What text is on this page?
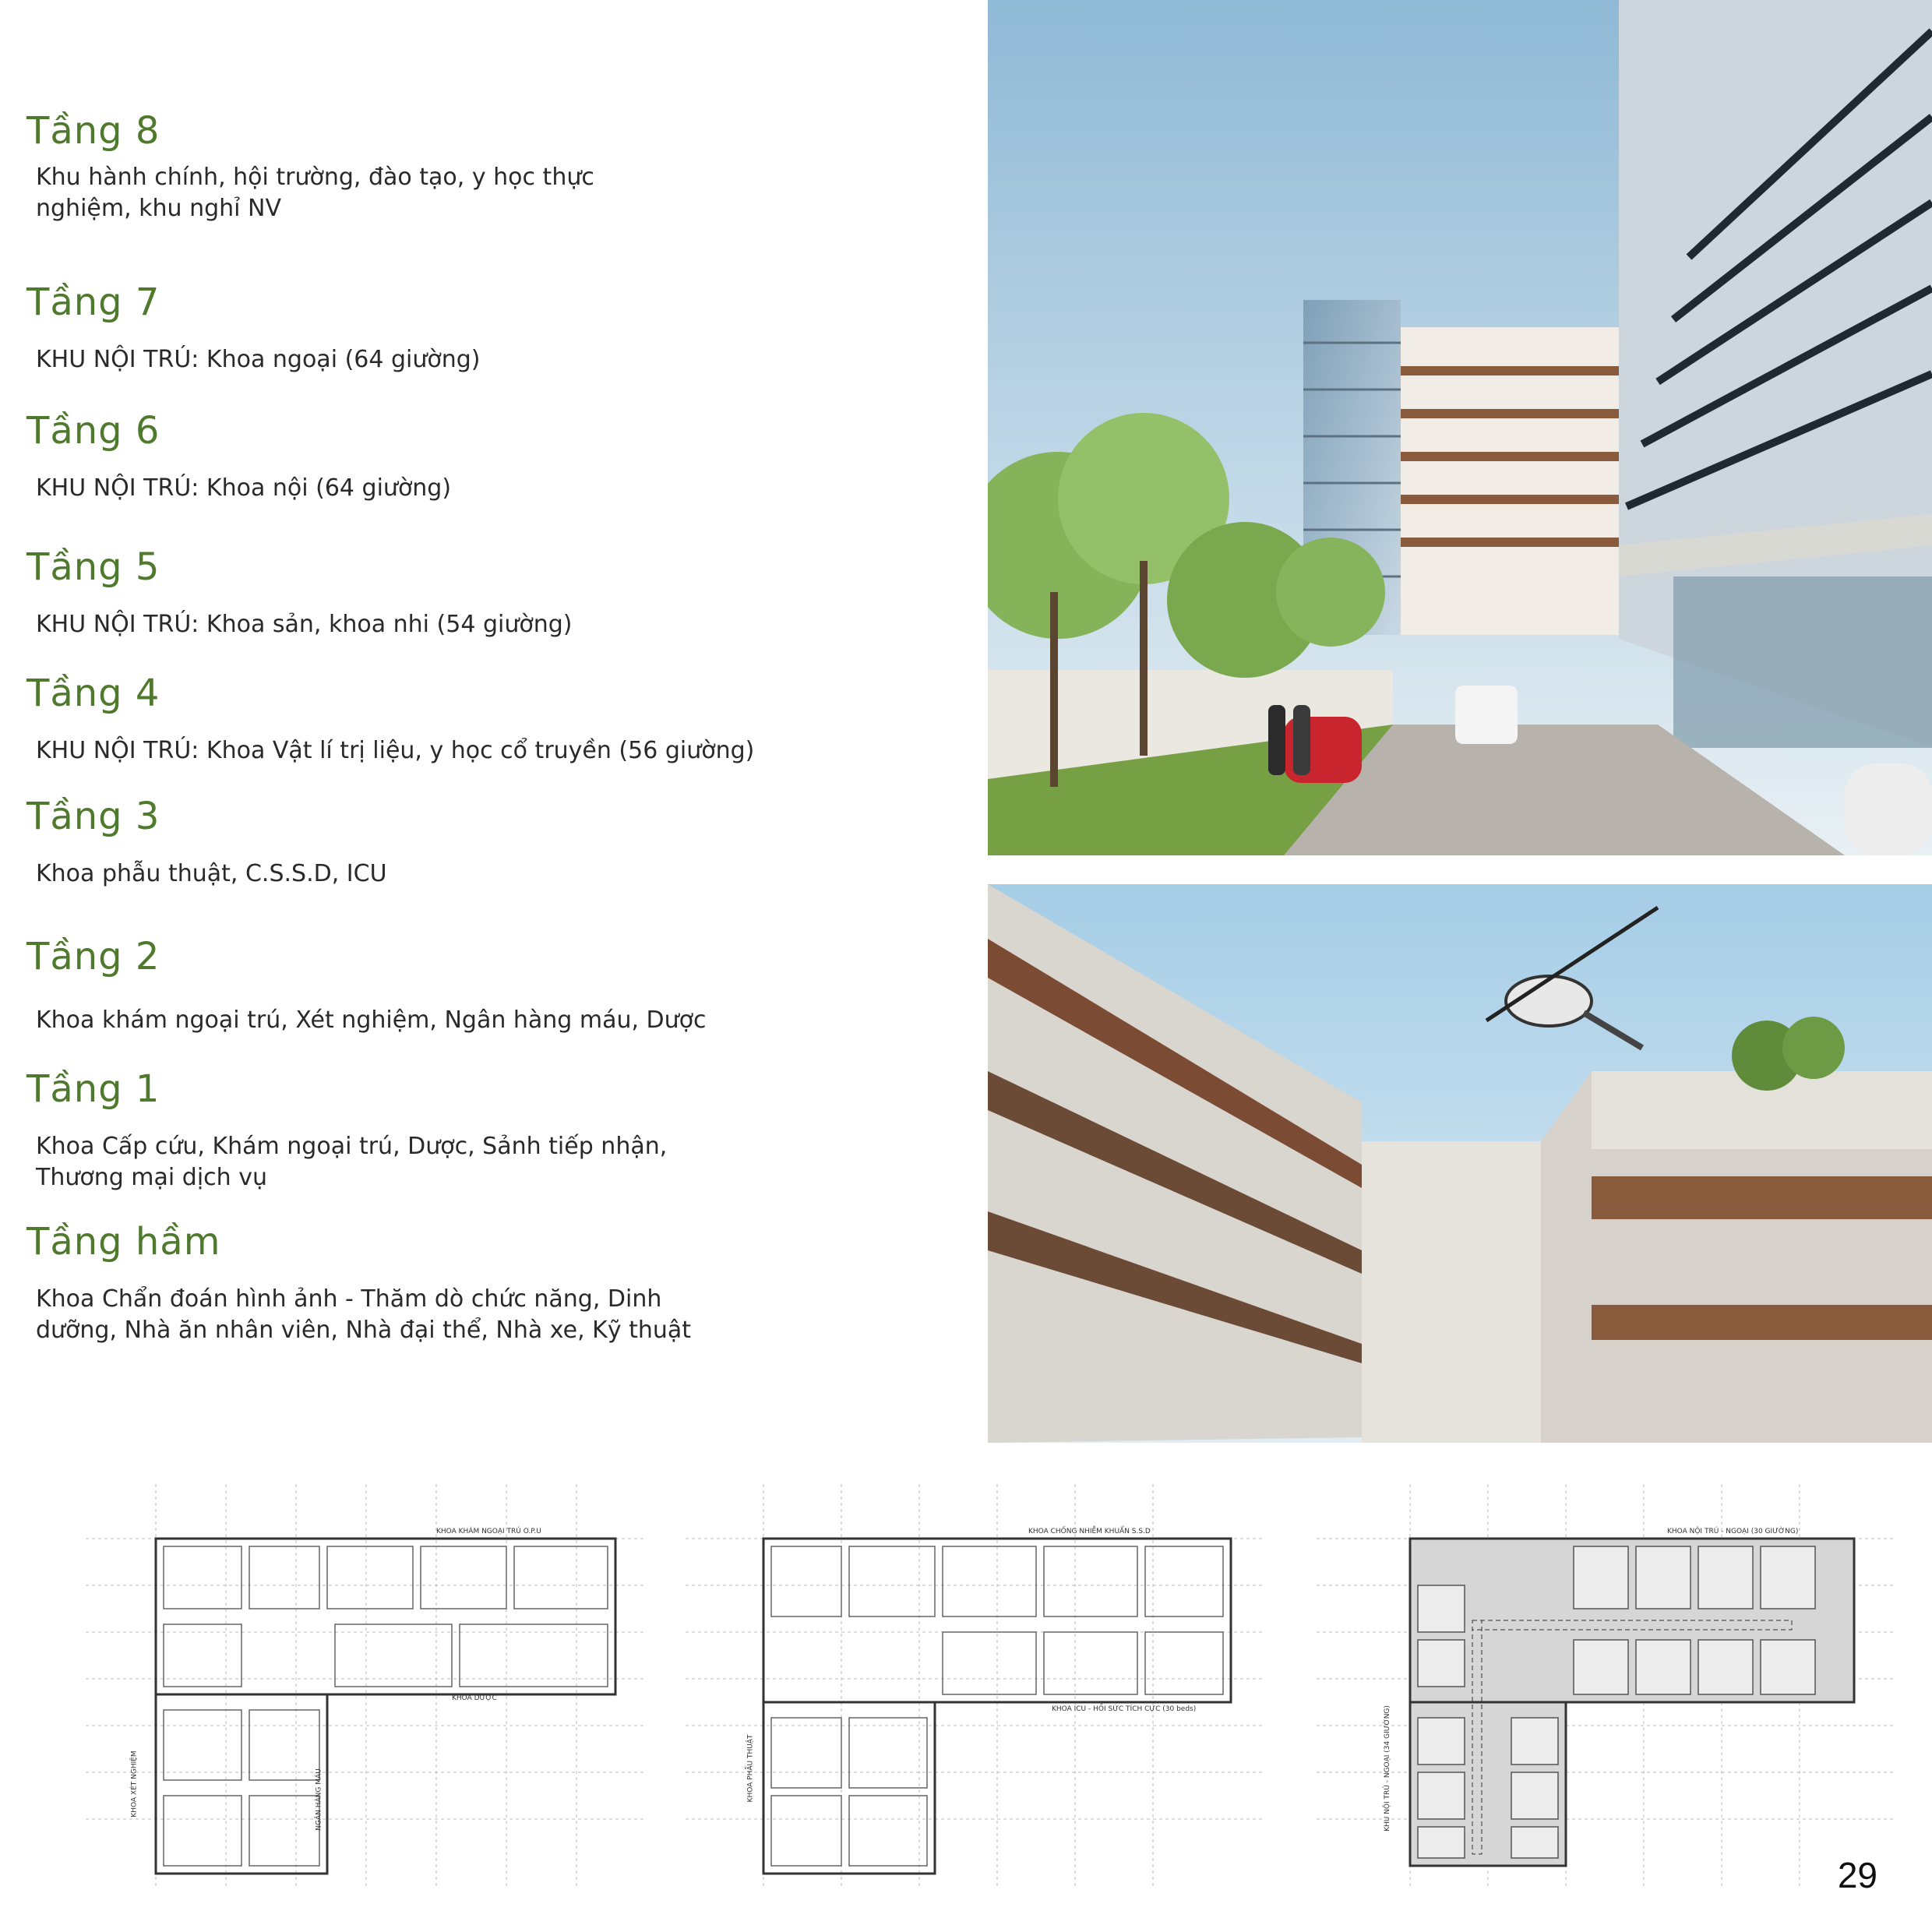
Tầng 8

Khu hành chính, hội trường, đào tạo, y học thực nghiệm, khu nghỉ NV

Tầng 7

KHU NỘI TRÚ: Khoa ngoại (64 giường)

Tầng 6

KHU NỘI TRÚ: Khoa nội (64 giường)

Tầng 5

KHU NỘI TRÚ: Khoa sản, khoa nhi (54 giường)

Tầng 4

KHU NỘI TRÚ: Khoa Vật lí trị liệu, y học cổ truyền (56 giường)

Tầng 3

Khoa phẫu thuật, C.S.S.D, ICU

Tầng 2

Khoa khám ngoại trú, Xét nghiệm, Ngân hàng máu, Dược

Tầng 1

Khoa Cấp cứu, Khám ngoại trú, Dược, Sảnh tiếp nhận, Thương mại dịch vụ

Tầng hầm

Khoa Chẩn đoán hình ảnh - Thăm dò chức năng, Dinh dưỡng, Nhà ăn nhân viên, Nhà đại thể, Nhà xe, Kỹ thuật

KHOA KHÁM NGOẠI TRÚ O.P.U
KHOA DƯỢC
KHOA XÉT NGHIỆM	NGÂN HÀNG MÁU
KHOA CHỐNG NHIỄM KHUẨN S.S.D
KHOA ICU - HỒI SỨC TÍCH CỰC (30 beds)
KHOA PHẪU THUẬT
KHOA NỘI TRÚ - NGOẠI (30 GIƯỜNG)
KHU NỘI TRÚ - NGOẠI (34 GIƯỜNG)
29
